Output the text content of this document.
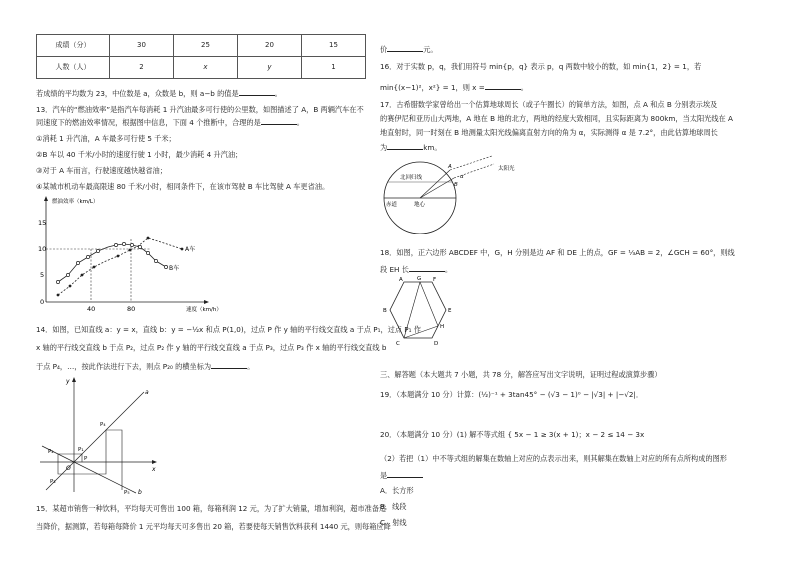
成绩（分）	30	25	20	15
人数（人）	2	x	y	1

若成绩的平均数为 23，中位数是 a，众数是 b，则 a−b 的值是	。

13．汽车的“燃油效率”是指汽车每消耗 1 升汽油最多可行使的公里数，如图描述了 A，B 两辆汽车在不

同速度下的燃油效率情况，根据图中信息，下面 4 个推断中，合理的是	。

①消耗 1 升汽油，A 车最多可行使 5 千米；

②B 车以 40 千米/小时的速度行驶 1 小时，最少消耗 4 升汽油；

③对于 A 车而言，行驶速度越快越省油；

④某城市机动车最高限速 80 千米/小时，相同条件下，在该市驾驶 B 车比驾驶 A 车更省油。

燃油效率（km/L）
速度（km/h）
15
10
5
0
40	80
A车
B车

14．如图，已知直线 a：y = x，直线 b：y = −½x 和点 P(1,0)，过点 P 作 y 轴的平行线交直线 a 于点 P₁，过点 P₁ 作

x 轴的平行线交直线 b 于点 P₂，过点 P₂ 作 y 轴的平行线交直线 a 于点 P₃，过点 P₃ 作 x 轴的平行线交直线 b

于点 P₄，…，按此作法进行下去，则点 P₂₀ 的横坐标为	。

y
x
O
a
b
P
P₁
P₂
P₃
P₄
P₅

15．某超市销售一种饮料，平均每天可售出 100 箱，每箱利润 12 元，为了扩大销量，增加利润，超市准备适

当降价，据测算，若每箱每降价 1 元平均每天可多售出 20 箱，若要使每天销售饮料获利 1440 元，则每箱应降

价	元。

16．对于实数 p，q，我们用符号 min{p，q} 表示 p，q 两数中较小的数，如 min{1，2} = 1，若

min{(x−1)²，x²} = 1，则 x =	。

17．古希腊数学家曾给出一个估算地球周长（或子午圈长）的简单方法，如图，点 A 和点 B 分别表示埃及

的赛伊尼和亚历山大两地，A 地在 B 地的北方，两地的经度大致相同，且实际距离为 800km，当太阳光线在 A

地直射时，同一时刻在 B 地测量太阳光线偏离直射方向的角为 α，实际测得 α 是 7.2°，由此估算地球周长

为	km。

北回归线
赤道	地心
A
B
α
太阳光

18．如图，正六边形 ABCDEF 中，G，H 分别是边 AF 和 DE 上的点，GF = ⅓AB = 2，∠GCH = 60°，则线

段 EH 长	。

A	G F
B	E
C	D
H

三、解答题（本大题共 7 小题，共 78 分，解答应写出文字说明，证明过程或演算步骤）

19．（本题满分 10 分）计算：(½)⁻¹ + 3tan45° − (√3 − 1)⁰ − |√3| + |−√2|．

20．（本题满分 10 分）(1) 解不等式组 { 5x − 1 ≥ 3(x + 1)；x − 2 ≤ 14 − 3x

（2）若把（1）中不等式组的解集在数轴上对应的点表示出来，则其解集在数轴上对应的所有点所构成的图形

是

A．长方形

B．线段

C．射线
